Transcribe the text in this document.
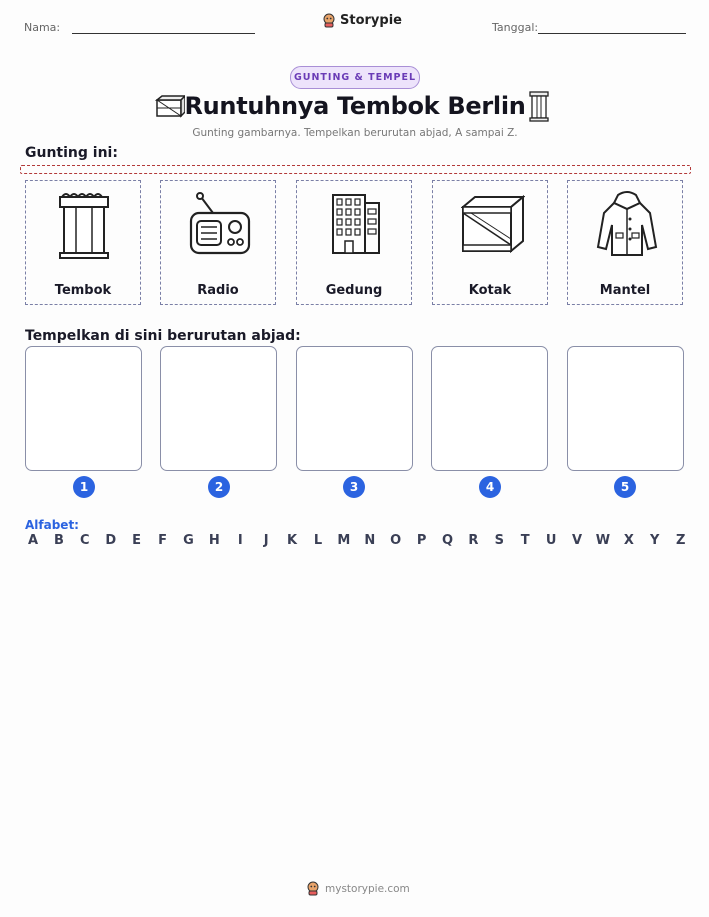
Nama:	Storypie	Tanggal:
GUNTING & TEMPEL
Runtuhnya Tembok Berlin
Gunting gambarnya. Tempelkan berurutan abjad, A sampai Z.
Gunting ini:
Tembok	Radio	Gedung	Kotak	Mantel
Tempelkan di sini berurutan abjad:
1	2	3	4	5
Alfabet:
A B C D E F G H	I	J	K L M N O P Q R S T U V W X Y Z
mystorypie.com
